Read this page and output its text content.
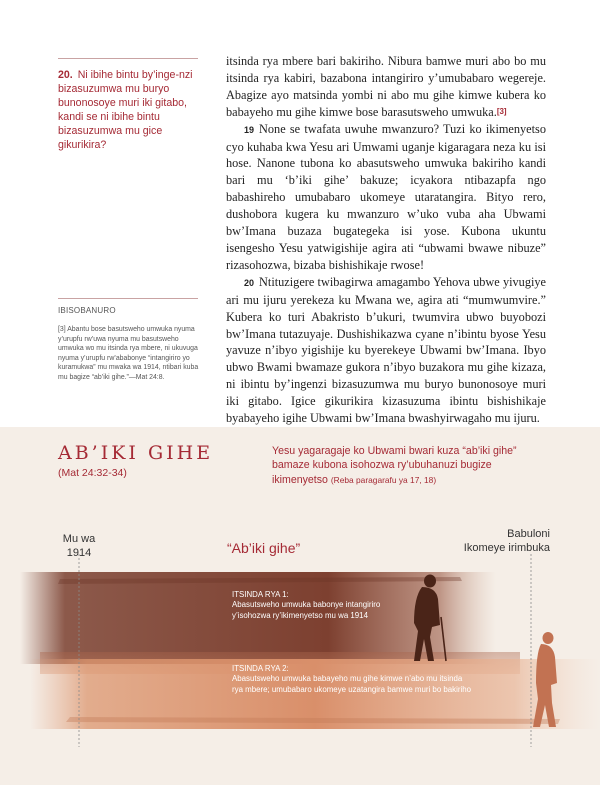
20. Ni ibihe bintu by’inge-nzi bizasuzumwa mu buryo bunonosoye muri iki gitabo, kandi se ni ibihe bintu bizasuzumwa mu gice gikurikira?

IBISOBANURO

[3] Abantu bose basutsweho umwuka nyuma y’urupfu rw’uwa nyuma mu basutsweho umwuka wo mu itsinda rya mbere, ni ukuvuga nyuma y’urupfu rw’ababonye “intangiriro yo kuramukwa” mu mwaka wa 1914, ntibari kuba mu bagize “ab’iki gihe.”—Mat 24:8.

itsinda rya mbere bari bakiriho. Nibura bamwe muri abo bo mu itsinda rya kabiri, bazabona intangiriro y’umubabaro wegereje. Abagize ayo matsinda yombi ni abo mu gihe kimwe kubera ko babayeho mu gihe kimwe bose barasutsweho umwuka.[3]

19 None se twafata uwuhe mwanzuro? Tuzi ko ikimenyetso cyo kuhaba kwa Yesu ari Umwami uganje kigaragara neza ku isi hose. Nanone tubona ko abasutsweho umwuka bakiriho kandi bari mu ‘b’iki gihe’ bakuze; icyakora ntibazapfa ngo babashireho umubabaro ukomeye utaratangira. Bityo rero, dushobora kugera ku mwanzuro w’uko vuba aha Ubwami bw’Imana buzaza bugategeka isi yose. Kubona ukuntu isengesho Yesu yatwigishije agira ati “ubwami bwawe nibuze” rizasohozwa, bizaba bishishikaje rwose!

20 Ntituzigere twibagirwa amagambo Yehova ubwe yivugiye ari mu ijuru yerekeza ku Mwana we, agira ati “mumwumvire.” Kubera ko turi Abakristo b’ukuri, twumvira ubwo buyobozi bw’Imana tutazuyaje. Dushishikazwa cyane n’ibintu byose Yesu yavuze n’ibyo yigishije ku byerekeye Ubwami bw’Imana. Ibyo ubwo Bwami bwamaze gukora n’ibyo buzakora mu gihe kizaza, ni ibintu by’ingenzi bizasuzumwa mu buryo bunonosoye muri iki gitabo. Igice gikurikira kizasuzuma ibintu bishishikaje byabayeho igihe Ubwami bw’Imana bwashyirwagaho mu ijuru.

AB’IKI GIHE
(Mat 24:32-34)

Yesu yagaragaje ko Ubwami bwari kuza “ab’iki gihe” bamaze kubona isohozwa ry’ubuhanuzi bugize ikimenyetso (Reba paragarafu ya 17, 18)

Mu wa
1914
Babuloni
Ikomeye irimbuka
“Ab’iki gihe”

ITSINDA RYA 1:
Abasutsweho umwuka babonye intangiriro y’isohozwa ry’ikimenyetso mu wa 1914

ITSINDA RYA 2:
Abasutsweho umwuka babayeho mu gihe kimwe n’abo mu itsinda rya mbere; umubabaro ukomeye uzatangira bamwe muri bo bakiriho
